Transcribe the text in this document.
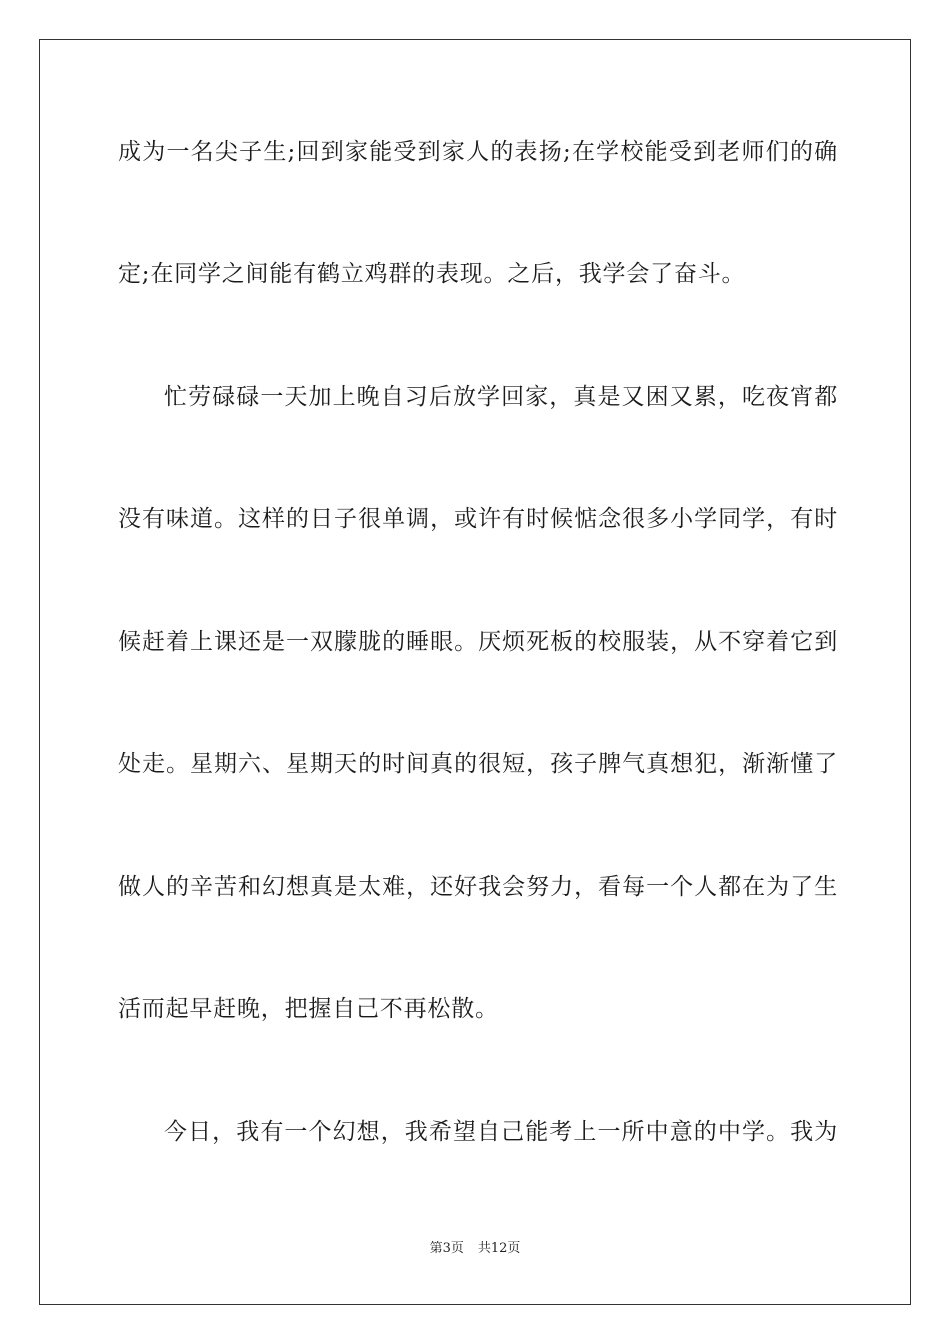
成为一名尖子生;回到家能受到家人的表扬;在学校能受到老师们的确
定;在同学之间能有鹤立鸡群的表现。之后，我学会了奋斗。
忙劳碌碌一天加上晚自习后放学回家，真是又困又累，吃夜宵都
没有味道。这样的日子很单调，或许有时候惦念很多小学同学，有时
候赶着上课还是一双朦胧的睡眼。厌烦死板的校服装，从不穿着它到
处走。星期六、星期天的时间真的很短，孩子脾气真想犯，渐渐懂了
做人的辛苦和幻想真是太难，还好我会努力，看每一个人都在为了生
活而起早赶晚，把握自己不再松散。
今日，我有一个幻想，我希望自己能考上一所中意的中学。我为
第3页 共12页
